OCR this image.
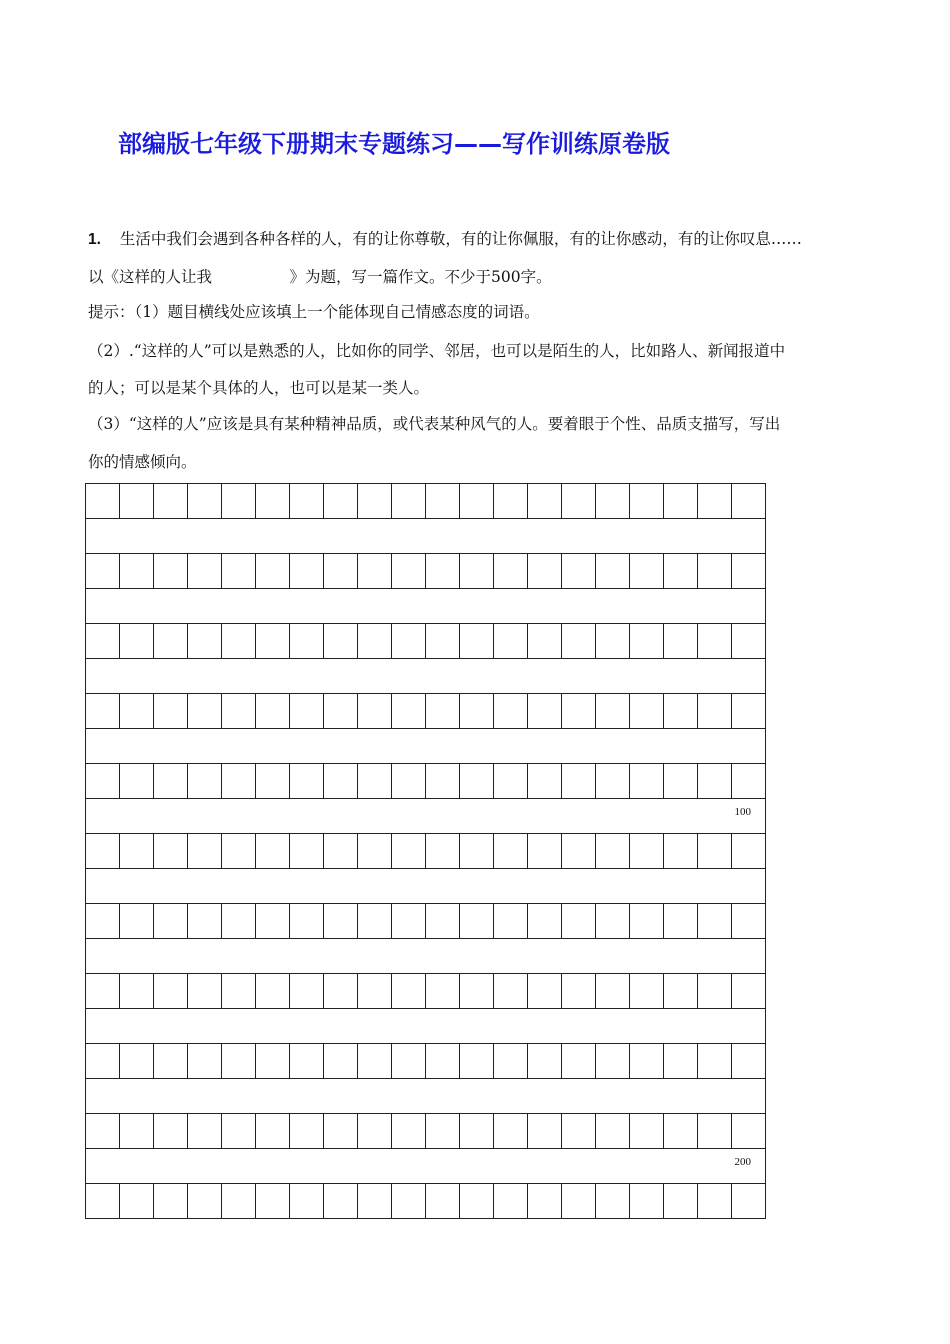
部编版七年级下册期末专题练习——写作训练原卷版
1. 生活中我们会遇到各种各样的人，有的让你尊敬，有的让你佩服，有的让你感动，有的让你叹息……
以《这样的人让我　　　　　》为题，写一篇作文。不少于500字。
提示：（1）题目横线处应该填上一个能体现自己情感态度的词语。
（2）.“这样的人”可以是熟悉的人，比如你的同学、邻居，也可以是陌生的人，比如路人、新闻报道中
的人；可以是某个具体的人，也可以是某一类人。
（3）“这样的人”应该是具有某种精神品质，或代表某种风气的人。要着眼于个性、品质支描写，写出
你的情感倾向。
100
200
